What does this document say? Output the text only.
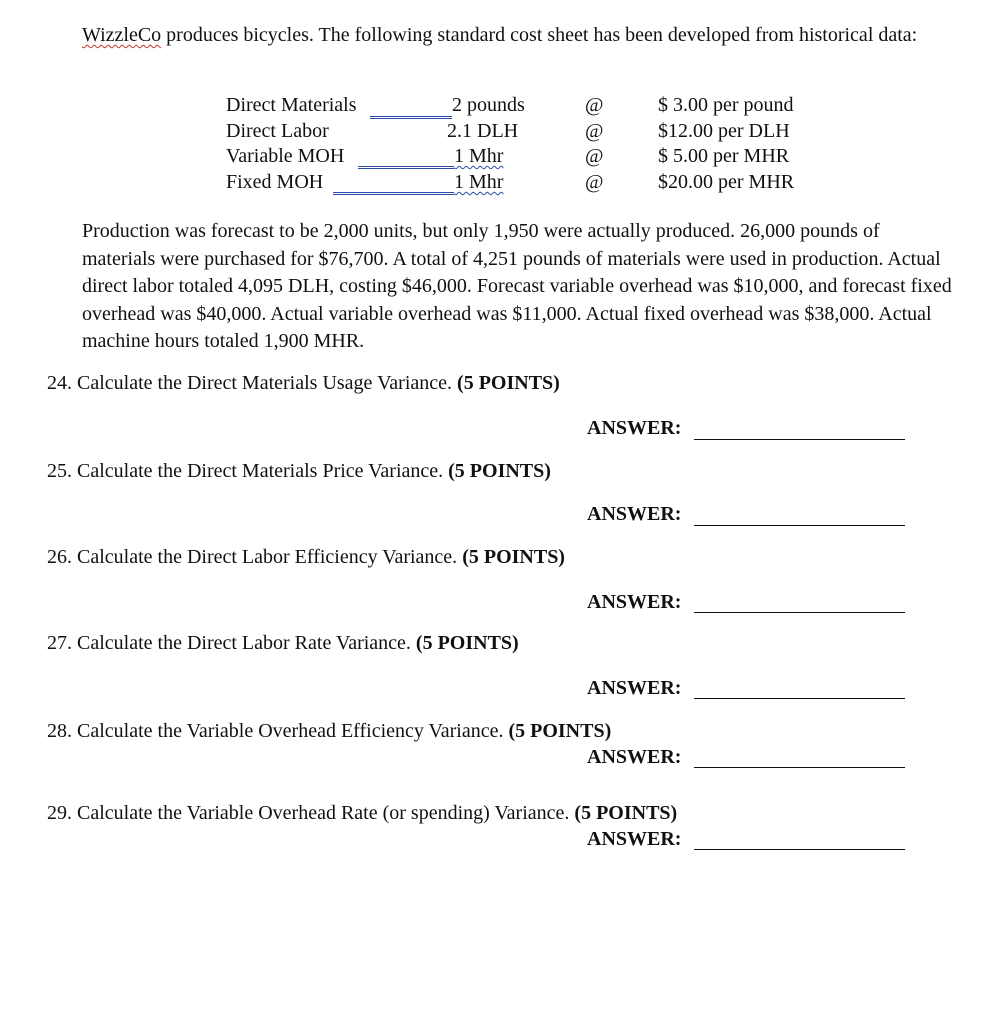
WizzleCo produces bicycles. The following standard cost sheet has been developed from historical data:
Direct Materials	2 pounds	@	$ 3.00 per pound
Direct Labor	2.1 DLH	@	$12.00 per DLH
Variable MOH	1 Mhr	@	$ 5.00 per MHR
Fixed MOH	1 Mhr	@	$20.00 per MHR
Production was forecast to be 2,000 units, but only 1,950 were actually produced. 26,000 pounds of materials were purchased for $76,700. A total of 4,251 pounds of materials were used in production. Actual direct labor totaled 4,095 DLH, costing $46,000. Forecast variable overhead was $10,000, and forecast fixed overhead was $40,000. Actual variable overhead was $11,000. Actual fixed overhead was $38,000. Actual machine hours totaled 1,900 MHR.
24. Calculate the Direct Materials Usage Variance. (5 POINTS)
ANSWER:
25. Calculate the Direct Materials Price Variance. (5 POINTS)
ANSWER:
26. Calculate the Direct Labor Efficiency Variance. (5 POINTS)
ANSWER:
27. Calculate the Direct Labor Rate Variance. (5 POINTS)
ANSWER:
28. Calculate the Variable Overhead Efficiency Variance. (5 POINTS)
ANSWER:
29. Calculate the Variable Overhead Rate (or spending) Variance. (5 POINTS)
ANSWER:
